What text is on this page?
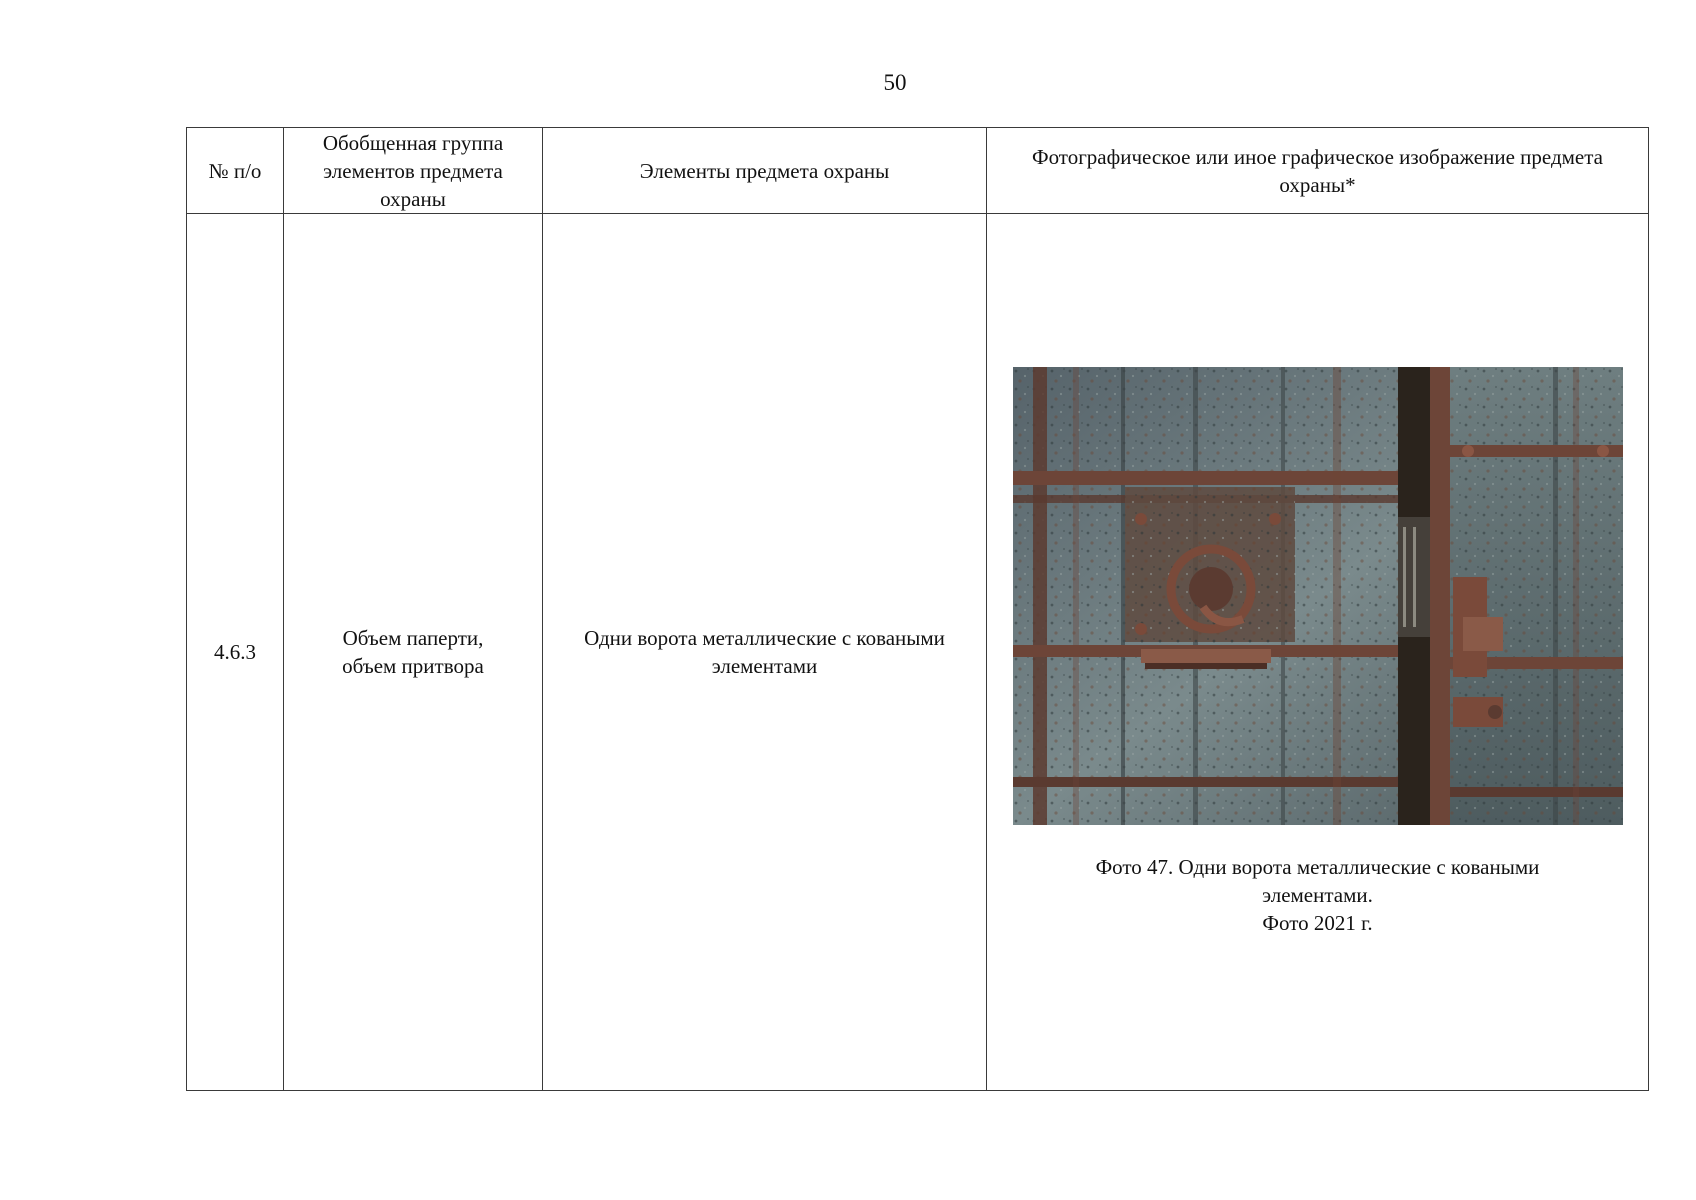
50
№ п/о	Обобщенная группа элементов предмета охраны	Элементы предмета охраны	Фотографическое или иное графическое изображение предмета охраны*
4.6.3	Объем паперти, объем притвора	Одни ворота металлические с коваными элементами	Фото 47. Одни ворота металлические с коваными
элементами.
Фото 2021 г.
